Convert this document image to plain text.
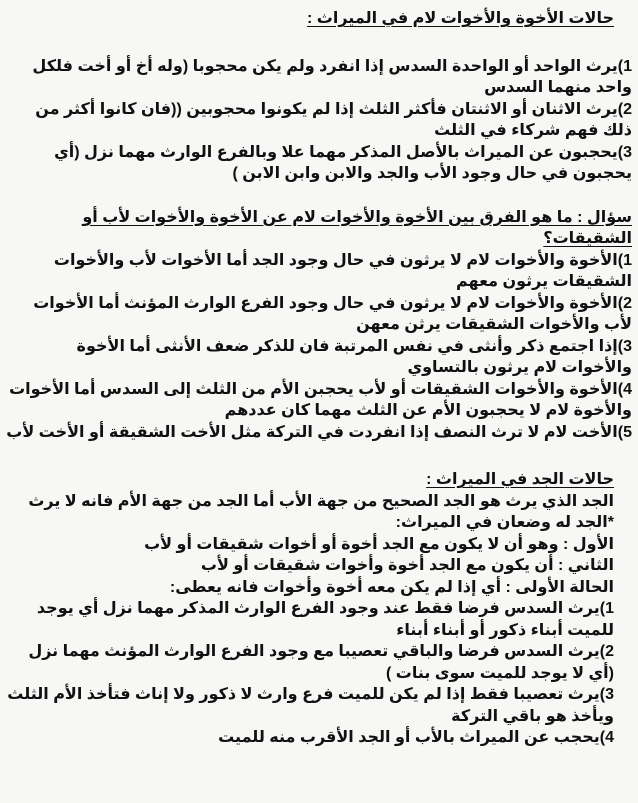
حالات الأخوة والأخوات لام في الميراث :

1)يرث الواحد أو الواحدة السدس إذا انفرد ولم يكن محجوبا (وله أخ أو أخت فلكل واحد منهما السدس

2)يرث الاثنان أو الاثنتان فأكثر الثلث إذا لم يكونوا محجوبين ((فان كانوا أكثر من ذلك فهم شركاء في الثلث

3)يحجبون عن الميراث بالأصل المذكر مهما علا وبالفرع الوارث مهما نزل (أي يحجبون في حال وجود الأب والجد والابن وابن الابن )

سؤال : ما هو الفرق بين الأخوة والأخوات لام عن الأخوة والأخوات لأب أو الشقيقات؟

1)الأخوة والأخوات لام لا يرثون في حال وجود الجد أما الأخوات لأب والأخوات الشقيقات يرثون معهم

2)الأخوة والأخوات لام لا يرثون في حال وجود الفرع الوارث المؤنث أما الأخوات لأب والأخوات الشقيقات يرثن معهن

3)إذا اجتمع ذكر وأنثى في نفس المرتبة فان للذكر ضعف الأنثى أما الأخوة والأخوات لام يرثون بالتساوي

4)الأخوة والأخوات الشقيقات أو لأب يحجبن الأم من الثلث إلى السدس أما الأخوات والأخوة لام لا يحجبون الأم عن الثلث مهما كان عددهم

5)الأخت لام لا ترث النصف إذا انفردت في التركة مثل الأخت الشقيقة أو الأخت لأب

حالات الجد في الميراث :

الجد الذي يرث هو الجد الصحيح من جهة الأب أما الجد من جهة الأم فانه لا يرث

*الجد له وضعان في الميراث:

الأول : وهو أن لا يكون مع الجد أخوة أو أخوات شقيقات أو لأب

الثاني : أن يكون مع الجد أخوة وأخوات شقيقات أو لأب

الحالة الأولى : أي إذا لم يكن معه أخوة وأخوات فانه يعطى:

1)يرث السدس فرضا فقط عند وجود الفرع الوارث المذكر مهما نزل أي يوجد للميت أبناء ذكور أو أبناء أبناء

2)يرث السدس فرضا والباقي تعصيبا مع وجود الفرع الوارث المؤنث مهما نزل (أي لا يوجد للميت سوى بنات )

3)يرث تعصيبا فقط إذا لم يكن للميت فرع وارث لا ذكور ولا إناث فتأخذ الأم الثلث ويأخذ هو باقي التركة

4)يحجب عن الميراث بالأب أو الجد الأقرب منه للميت
